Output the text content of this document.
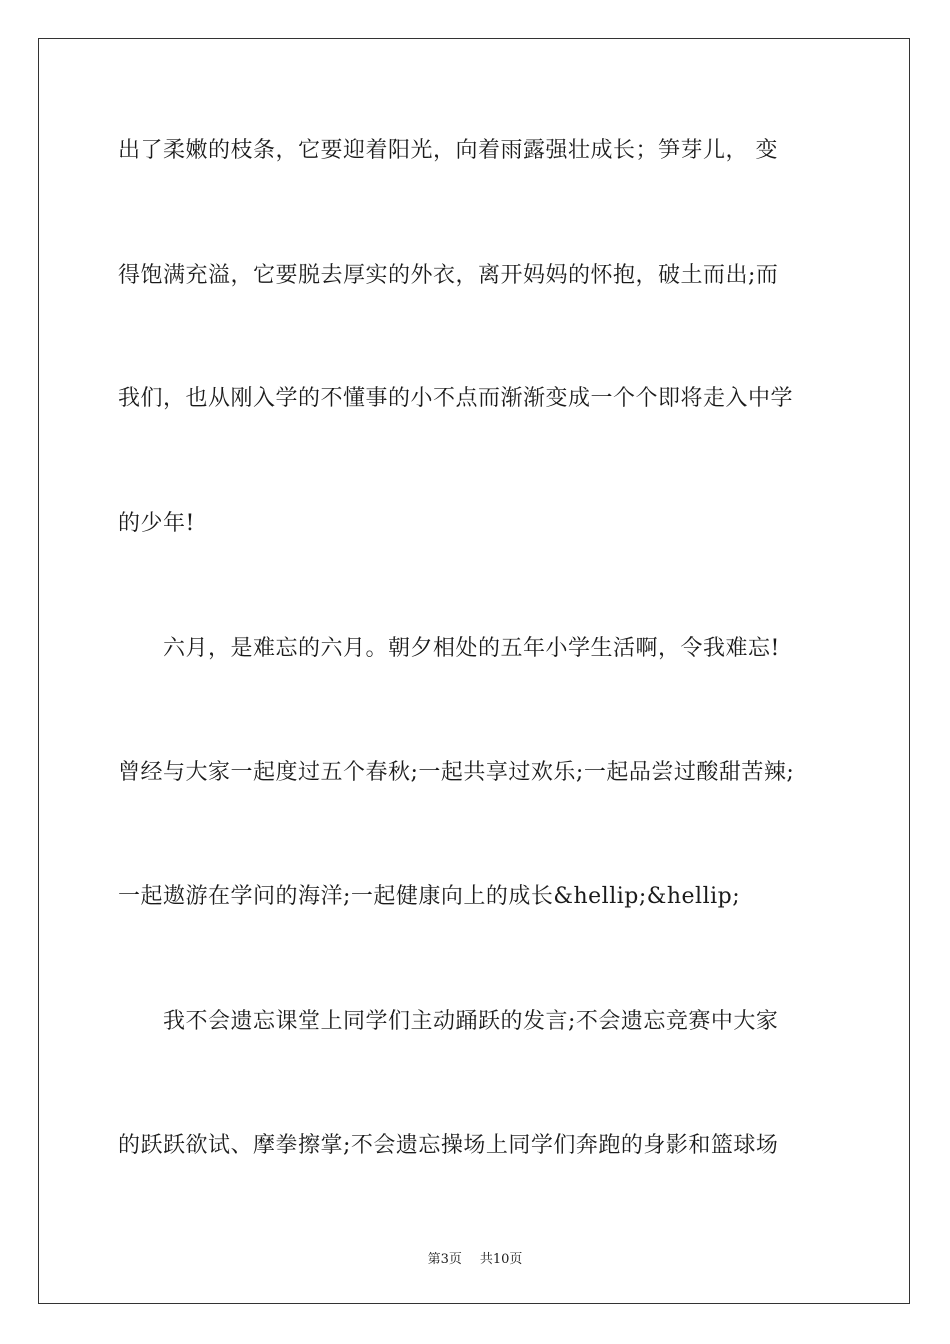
出了柔嫩的枝条，它要迎着阳光，向着雨露强壮成长；笋芽儿， 变
得饱满充溢，它要脱去厚实的外衣，离开妈妈的怀抱，破土而出;而
我们，也从刚入学的不懂事的小不点而渐渐变成一个个即将走入中学
的少年!
　　六月，是难忘的六月。朝夕相处的五年小学生活啊，令我难忘!
曾经与大家一起度过五个春秋;一起共享过欢乐;一起品尝过酸甜苦辣;
一起遨游在学问的海洋;一起健康向上的成长&hellip;&hellip;
　　我不会遗忘课堂上同学们主动踊跃的发言;不会遗忘竞赛中大家
的跃跃欲试、摩拳擦掌;不会遗忘操场上同学们奔跑的身影和篮球场
第3页 共10页
